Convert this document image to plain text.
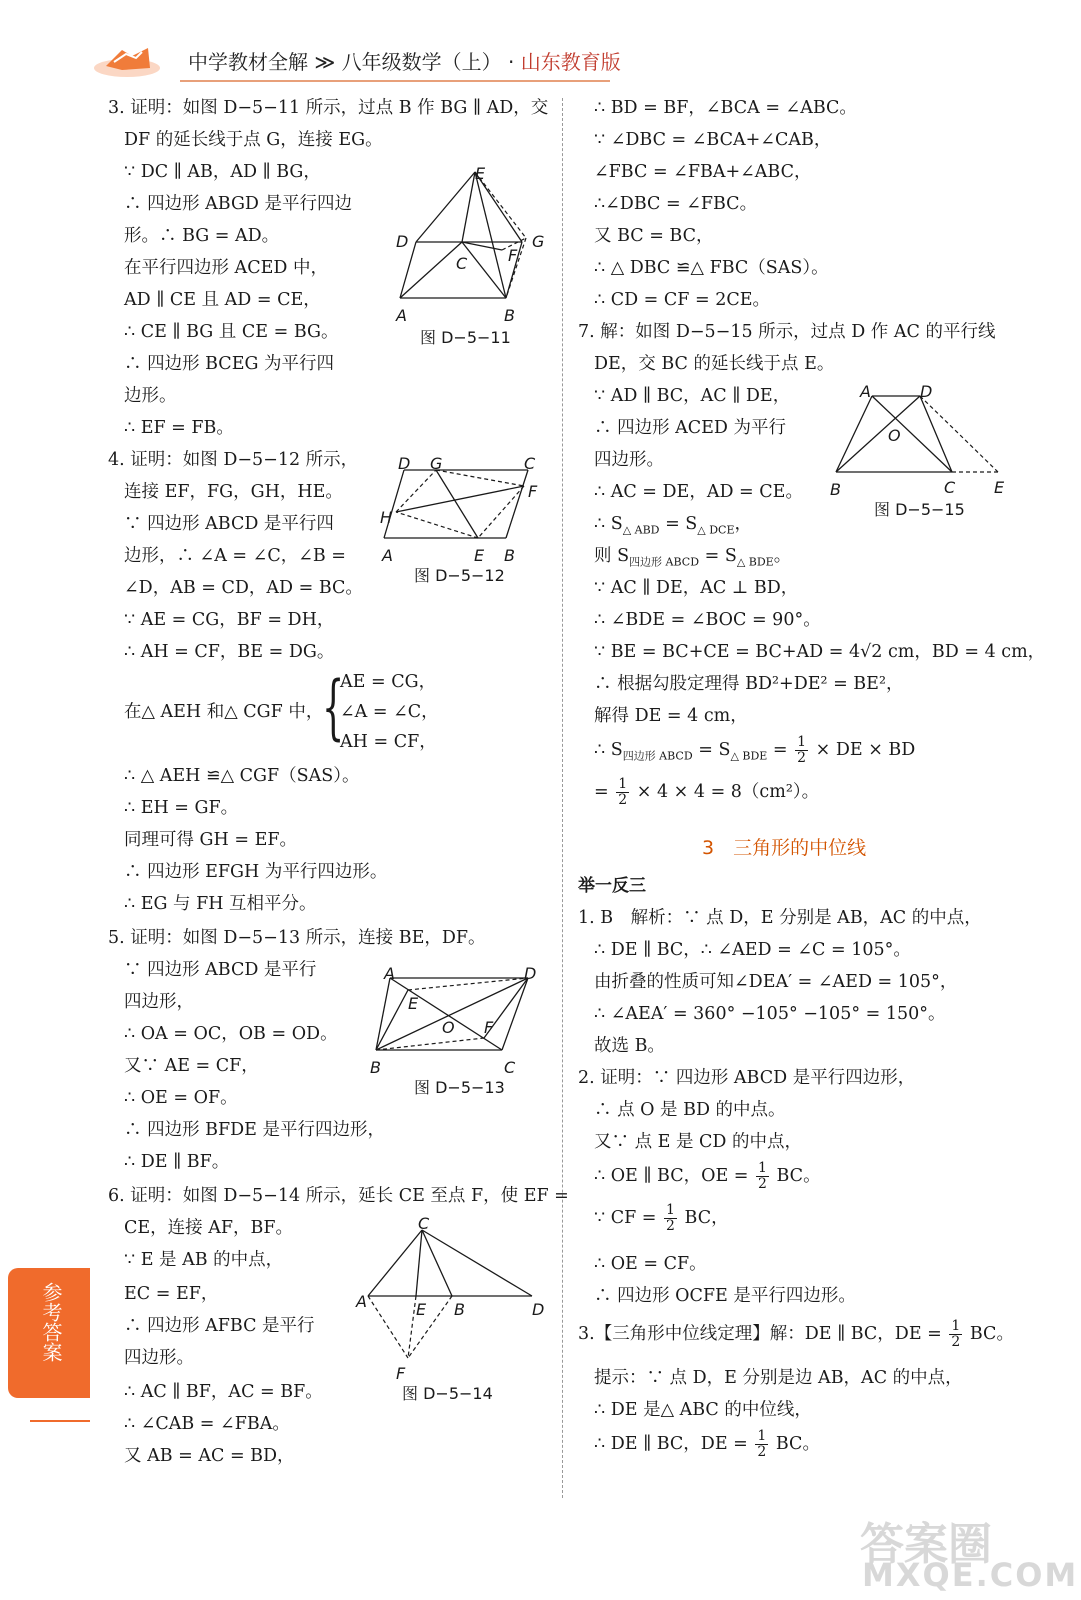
中学教材全解 ≫ 八年级数学（上） · 山东教育版
3. 证明：如图 D−5−11 所示，过点 B 作 BG ∥ AD，交
DF 的延长线于点 G，连接 EG。
∵ DC ∥ AB，AD ∥ BG，
∴ 四边形 ABGD 是平行四边
形。∴ BG = AD。
在平行四边形 ACED 中，
AD ∥ CE 且 AD = CE，
∴ CE ∥ BG 且 CE = BG。
∴ 四边形 BCEG 为平行四
边形。
∴ EF = FB。
E
D
C	F
G
A	B
图 D−5−11
4. 证明：如图 D−5−12 所示，
连接 EF，FG，GH，HE。
∵ 四边形 ABCD 是平行四
边形，∴ ∠A = ∠C，∠B =
∠D，AB = CD，AD = BC。
∵ AE = CG，BF = DH，
∴ AH = CF，BE = DG。
D G	C
F
H
A	E B
图 D−5−12
在△ AEH 和△ CGF 中，
{
AE = CG，
∠A = ∠C，
AH = CF，
∴ △ AEH ≌△ CGF（SAS）。
∴ EH = GF。
同理可得 GH = EF。
∴ 四边形 EFGH 为平行四边形。
∴ EG 与 FH 互相平分。
5. 证明：如图 D−5−13 所示，连接 BE，DF。
∵ 四边形 ABCD 是平行
四边形，
∴ OA = OC，OB = OD。
又∵ AE = CF，
∴ OE = OF。
∴ 四边形 BFDE 是平行四边形，
∴ DE ∥ BF。
A	D
E
O F
B	C
图 D−5−13
6. 证明：如图 D−5−14 所示，延长 CE 至点 F，使 EF =
CE，连接 AF，BF。
∵ E 是 AB 的中点，
EC = EF，
∴ 四边形 AFBC 是平行
四边形。
∴ AC ∥ BF，AC = BF。
∴ ∠CAB = ∠FBA。
又 AB = AC = BD，
C
A	E B	D
F
图 D−5−14
∴ BD = BF，∠BCA = ∠ABC。
∵ ∠DBC = ∠BCA+∠CAB，
∠FBC = ∠FBA+∠ABC，
∴∠DBC = ∠FBC。
又 BC = BC，
∴ △ DBC ≌△ FBC（SAS）。
∴ CD = CF = 2CE。
7. 解：如图 D−5−15 所示，过点 D 作 AC 的平行线
DE，交 BC 的延长线于点 E。
∵ AD ∥ BC，AC ∥ DE，
∴ 四边形 ACED 为平行
四边形。
∴ AC = DE，AD = CE。
A	D
O
B	C E
图 D−5−15
∴ $S_{\triangle ABD} = S_{\triangle DCE}$，
则 $S_{四边形 ABCD} = S_{\triangle BDE}$。
∵ AC ∥ DE，AC ⊥ BD，
∴ ∠BDE = ∠BOC = 90°。
∵ BE = BC+CE = BC+AD = 4√2 cm，BD = 4 cm，
∴ 根据勾股定理得 BD²+DE² = BE²，
解得 DE = 4 cm，
∴ $S_{四边形 ABCD} = S_{\triangle BDE} = \frac{1}{2}$ × DE × BD
= $\frac{1}{2} \times 4 \times 4 = 8(cm^2)$。
3　 三角形的中位线
举一反三
1. B　解析：∵ 点 D，E 分别是 AB，AC 的中点，
∴ DE ∥ BC，∴ ∠AED = ∠C = 105°。
由折叠的性质可知∠DEA′ = ∠AED = 105°，
∴ ∠AEA′ = 360° −105° −105° = 150°。
故选 B。
2. 证明：∵ 四边形 ABCD 是平行四边形，
∴ 点 O 是 BD 的中点。
又∵ 点 E 是 CD 的中点，
∴ OE ∥ BC，OE = $\frac{1}{2}$ BC。
∵ CF = $\frac{1}{2}$ BC，
∴ OE = CF。
∴ 四边形 OCFE 是平行四边形。
3.【三角形中位线定理】解：DE ∥ BC，DE = $\frac{1}{2}$ BC。
提示：∵ 点 D，E 分别是边 AB，AC 的中点，
∴ DE 是△ ABC 的中位线，
∴ DE ∥ BC，DE = $\frac{1}{2}$ BC。
参考答案
答案圈
MXQE.COM
